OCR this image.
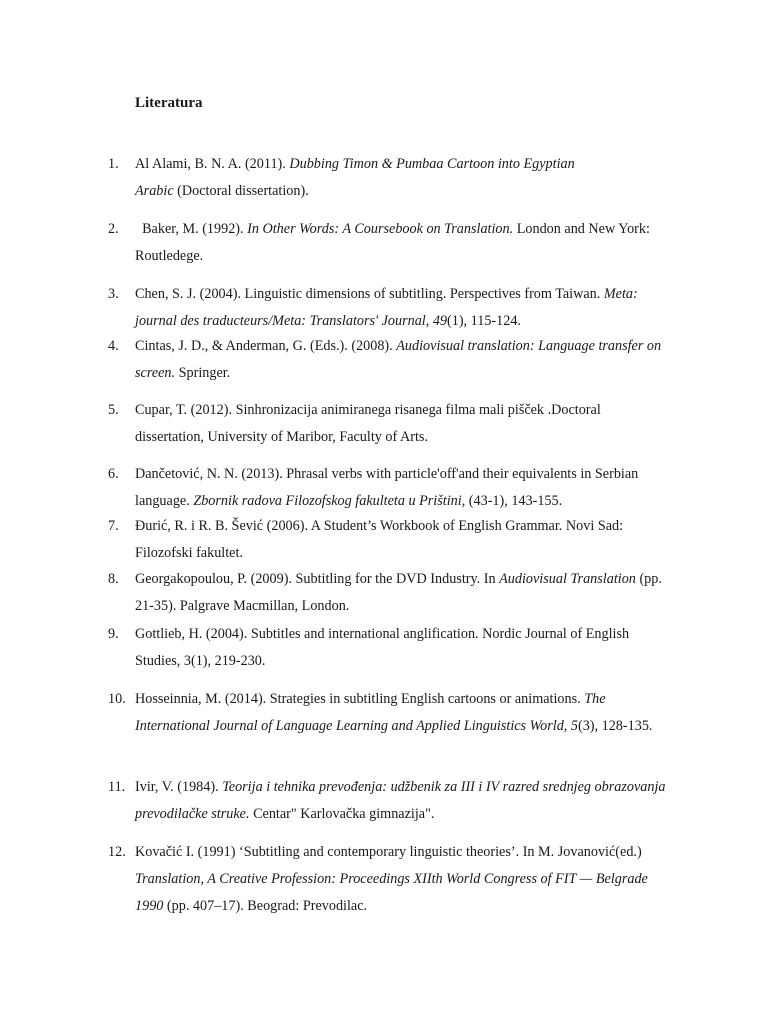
Literatura
1. Al Alami, B. N. A. (2011). Dubbing Timon & Pumbaa Cartoon into Egyptian
Arabic (Doctoral dissertation).
2. Baker, M. (1992). In Other Words: A Coursebook on Translation. London and New York: Routledege.
3. Chen, S. J. (2004). Linguistic dimensions of subtitling. Perspectives from Taiwan. Meta: journal des traducteurs/Meta: Translators' Journal, 49(1), 115-124.
4. Cintas, J. D., & Anderman, G. (Eds.). (2008). Audiovisual translation: Language transfer on screen. Springer.
5. Cupar, T. (2012). Sinhronizacija animiranega risanega filma mali pišček .Doctoral dissertation, University of Maribor, Faculty of Arts.
6. Dančetović, N. N. (2013). Phrasal verbs with particle'off'and their equivalents in Serbian language. Zbornik radova Filozofskog fakulteta u Prištini, (43-1), 143-155.
7. Đurić, R. i R. B. Šević (2006). A Student’s Workbook of English Grammar. Novi Sad: Filozofski fakultet.
8. Georgakopoulou, P. (2009). Subtitling for the DVD Industry. In Audiovisual Translation (pp. 21-35). Palgrave Macmillan, London.
9. Gottlieb, H. (2004). Subtitles and international anglification. Nordic Journal of English Studies, 3(1), 219-230.
10. Hosseinnia, M. (2014). Strategies in subtitling English cartoons or animations. The International Journal of Language Learning and Applied Linguistics World, 5(3), 128-135.
11. Ivir, V. (1984). Teorija i tehnika prevođenja: udžbenik za III i IV razred srednjeg obrazovanja prevodilačke struke. Centar" Karlovačka gimnazija".
12. Kovačić I. (1991) ‘Subtitling and contemporary linguistic theories’. In M. Jovanović(ed.) Translation, A Creative Profession: Proceedings XIIth World Congress of FIT — Belgrade 1990 (pp. 407–17). Beograd: Prevodilac.
